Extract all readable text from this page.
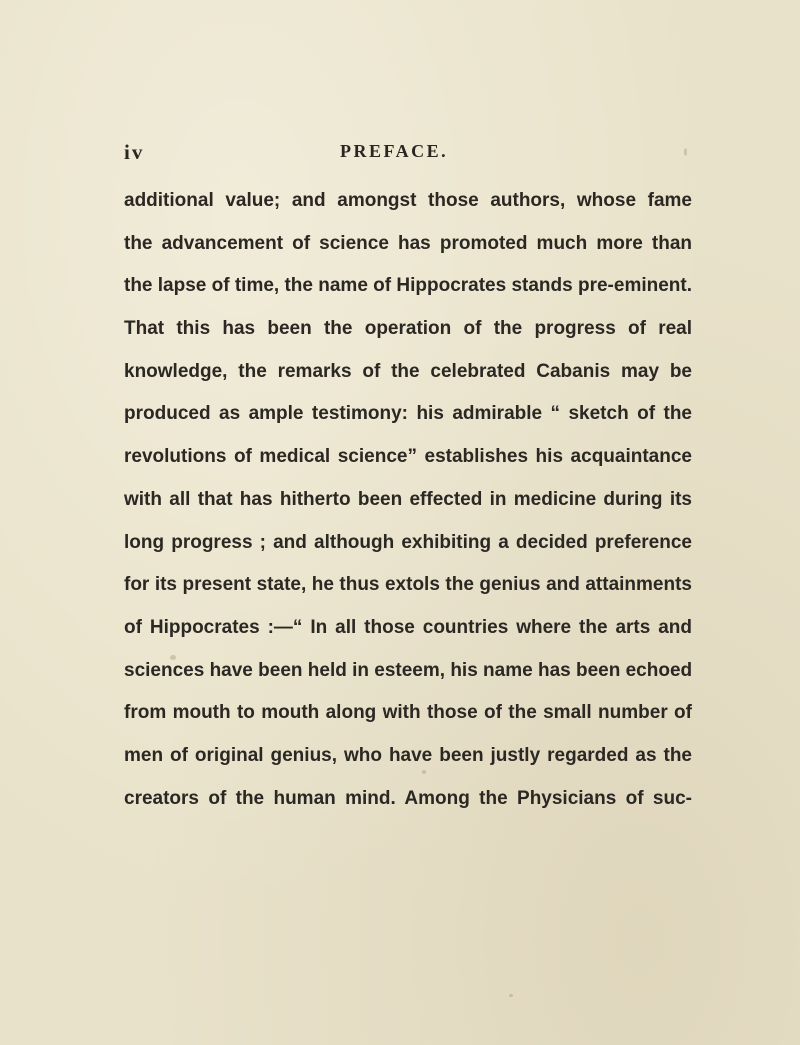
iv	PREFACE.
additional value; and amongst those authors, whose fame
the advancement of science has promoted much more than
the lapse of time, the name of Hippocrates stands pre-eminent.
That this has been the operation of the progress of real
knowledge, the remarks of the celebrated Cabanis may be
produced as ample testimony: his admirable “ sketch of the
revolutions of medical science” establishes his acquaintance
with all that has hitherto been effected in medicine during its
long progress ; and although exhibiting a decided preference
for its present state, he thus extols the genius and attainments
of Hippocrates :—“ In all those countries where the arts and
sciences have been held in esteem, his name has been echoed
from mouth to mouth along with those of the small number of
men of original genius, who have been justly regarded as the
creators of the human mind. Among the Physicians of suc-
